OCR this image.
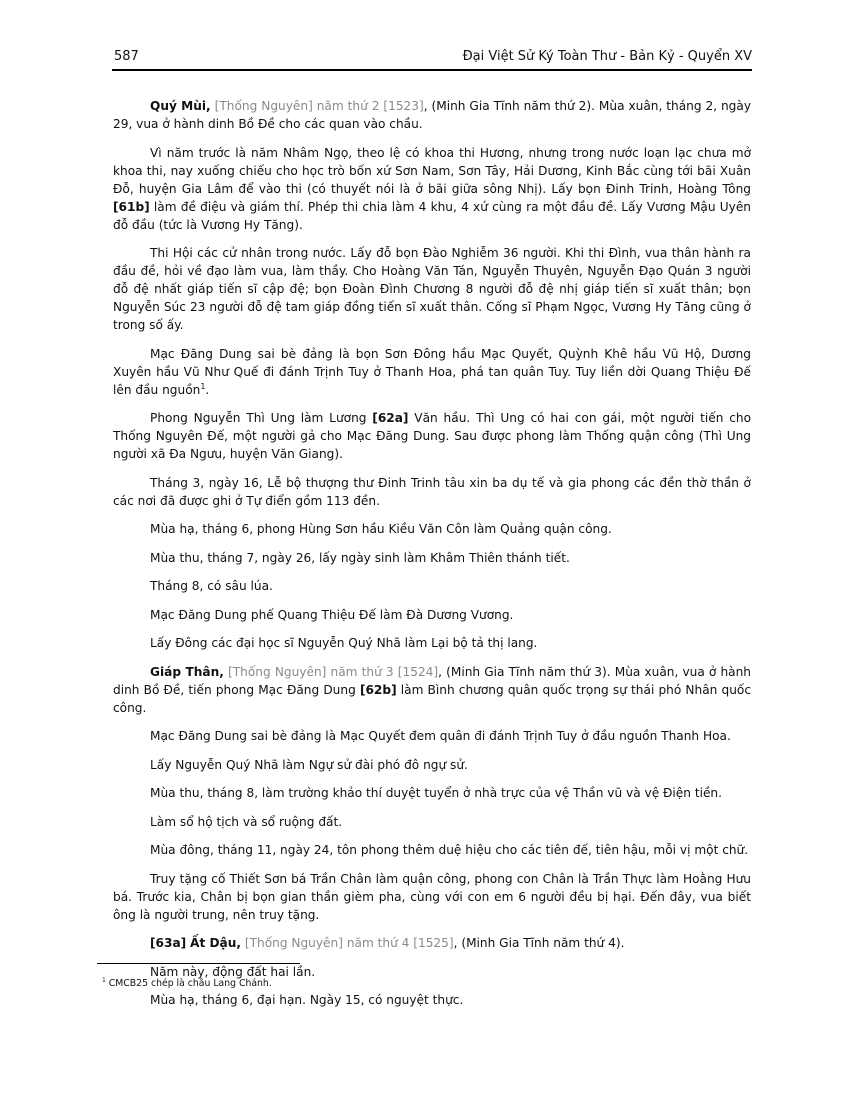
587	Đại Việt Sử Ký Toàn Thư - Bản Kỷ - Quyển XV

Quý Mùi, [Thống Nguyên] năm thứ 2 [1523], (Minh Gia Tĩnh năm thứ 2). Mùa xuân, tháng 2, ngày 29, vua ở hành dinh Bồ Đề cho các quan vào chầu.

Vì năm trước là năm Nhâm Ngọ, theo lệ có khoa thi Hương, nhưng trong nước loạn lạc chưa mở khoa thi, nay xuống chiếu cho học trò bốn xứ Sơn Nam, Sơn Tây, Hải Dương, Kinh Bắc cùng tới bãi Xuân Đỗ, huyện Gia Lâm để vào thi (có thuyết nói là ở bãi giữa sông Nhị). Lấy bọn Đinh Trinh, Hoàng Tông [61b] làm đề điệu và giám thí. Phép thi chia làm 4 khu, 4 xứ cùng ra một đầu đề. Lấy Vương Mậu Uyên đỗ đầu (tức là Vương Hy Tăng).

Thi Hội các cử nhân trong nước. Lấy đỗ bọn Đào Nghiễm 36 người. Khi thi Đình, vua thân hành ra đầu đề, hỏi về đạo làm vua, làm thầy. Cho Hoàng Văn Tán, Nguyễn Thuyên, Nguyễn Đạo Quán 3 người đỗ đệ nhất giáp tiến sĩ cập đệ; bọn Đoàn Đình Chương 8 người đỗ đệ nhị giáp tiến sĩ xuất thân; bọn Nguyễn Súc 23 người đỗ đệ tam giáp đồng tiến sĩ xuất thân. Cống sĩ Phạm Ngọc, Vương Hy Tăng cũng ở trong số ấy.

Mạc Đăng Dung sai bè đảng là bọn Sơn Đông hầu Mạc Quyết, Quỳnh Khê hầu Vũ Hộ, Dương Xuyên hầu Vũ Như Quế đi đánh Trịnh Tuy ở Thanh Hoa, phá tan quân Tuy. Tuy liền dời Quang Thiệu Đế lên đầu nguồn$^1$.

Phong Nguyễn Thì Ung làm Lương [62a] Văn hầu. Thì Ung có hai con gái, một người tiến cho Thống Nguyên Đế, một người gả cho Mạc Đăng Dung. Sau được phong làm Thống quận công (Thì Ung người xã Đa Ngưu, huyện Văn Giang).

Tháng 3, ngày 16, Lễ bộ thượng thư Đinh Trinh tâu xin ba dụ tế và gia phong các đền thờ thần ở các nơi đã được ghi ở Tự điển gồm 113 đền.

Mùa hạ, tháng 6, phong Hùng Sơn hầu Kiều Văn Côn làm Quảng quận công.

Mùa thu, tháng 7, ngày 26, lấy ngày sinh làm Khâm Thiên thánh tiết.

Tháng 8, có sâu lúa.

Mạc Đăng Dung phế Quang Thiệu Đế làm Đà Dương Vương.

Lấy Đông các đại học sĩ Nguyễn Quý Nhã làm Lại bộ tả thị lang.

Giáp Thân, [Thống Nguyên] năm thứ 3 [1524], (Minh Gia Tĩnh năm thứ 3). Mùa xuân, vua ở hành dinh Bồ Đề, tiến phong Mạc Đăng Dung [62b] làm Bình chương quân quốc trọng sự thái phó Nhân quốc công.

Mạc Đăng Dung sai bè đảng là Mạc Quyết đem quân đi đánh Trịnh Tuy ở đầu nguồn Thanh Hoa.

Lấy Nguyễn Quý Nhã làm Ngự sử đài phó đô ngự sử.

Mùa thu, tháng 8, làm trường khảo thí duyệt tuyển ở nhà trực của vệ Thần vũ và vệ Điện tiền.

Làm sổ hộ tịch và sổ ruộng đất.

Mùa đông, tháng 11, ngày 24, tôn phong thêm duệ hiệu cho các tiên đế, tiên hậu, mỗi vị một chữ.

Truy tặng cố Thiết Sơn bá Trần Chân làm quận công, phong con Chân là Trần Thực làm Hoằng Hưu bá. Trước kia, Chân bị bọn gian thần gièm pha, cùng với con em 6 người đều bị hại. Đến đây, vua biết ông là người trung, nên truy tặng.

[63a] Ất Dậu, [Thống Nguyên] năm thứ 4 [1525], (Minh Gia Tĩnh năm thứ 4).

Năm này, động đất hai lần.

Mùa hạ, tháng 6, đại hạn. Ngày 15, có nguyệt thực.

$^1$ CMCB25 chép là châu Lang Chánh.
